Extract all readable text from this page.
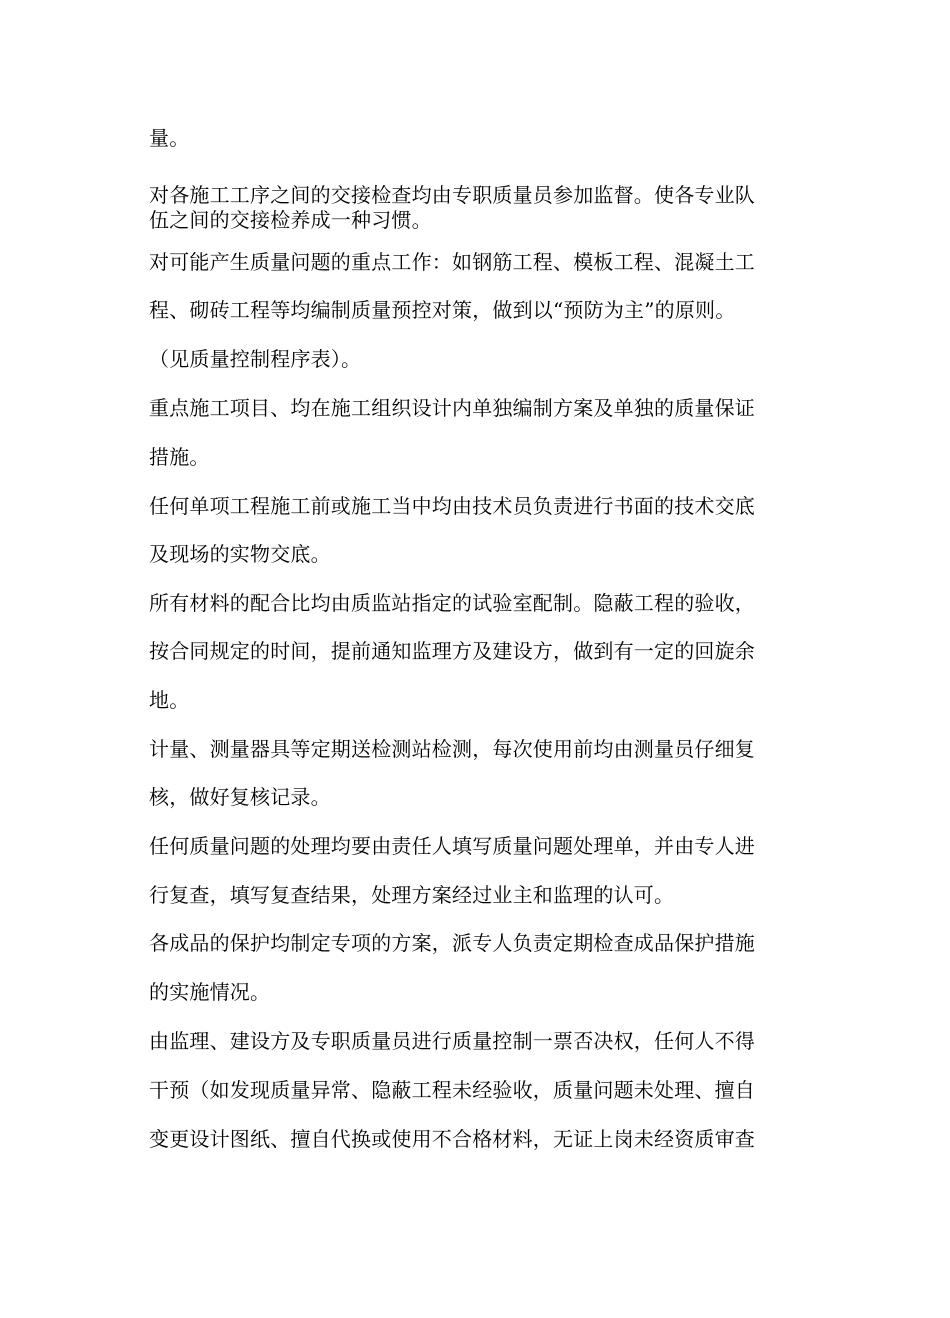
量。
对各施工工序之间的交接检查均由专职质量员参加监督。使各专业队
伍之间的交接检养成一种习惯。
对可能产生质量问题的重点工作：如钢筋工程、模板工程、混凝土工
程、砌砖工程等均编制质量预控对策，做到以“预防为主”的原则。
（见质量控制程序表）。
重点施工项目、均在施工组织设计内单独编制方案及单独的质量保证
措施。
任何单项工程施工前或施工当中均由技术员负责进行书面的技术交底
及现场的实物交底。
所有材料的配合比均由质监站指定的试验室配制。隐蔽工程的验收，
按合同规定的时间，提前通知监理方及建设方，做到有一定的回旋余
地。
计量、测量器具等定期送检测站检测，每次使用前均由测量员仔细复
核，做好复核记录。
任何质量问题的处理均要由责任人填写质量问题处理单，并由专人进
行复查，填写复查结果，处理方案经过业主和监理的认可。
各成品的保护均制定专项的方案，派专人负责定期检查成品保护措施
的实施情况。
由监理、建设方及专职质量员进行质量控制一票否决权，任何人不得
干预（如发现质量异常、隐蔽工程未经验收，质量问题未处理、擅自
变更设计图纸、擅自代换或使用不合格材料，无证上岗未经资质审查
